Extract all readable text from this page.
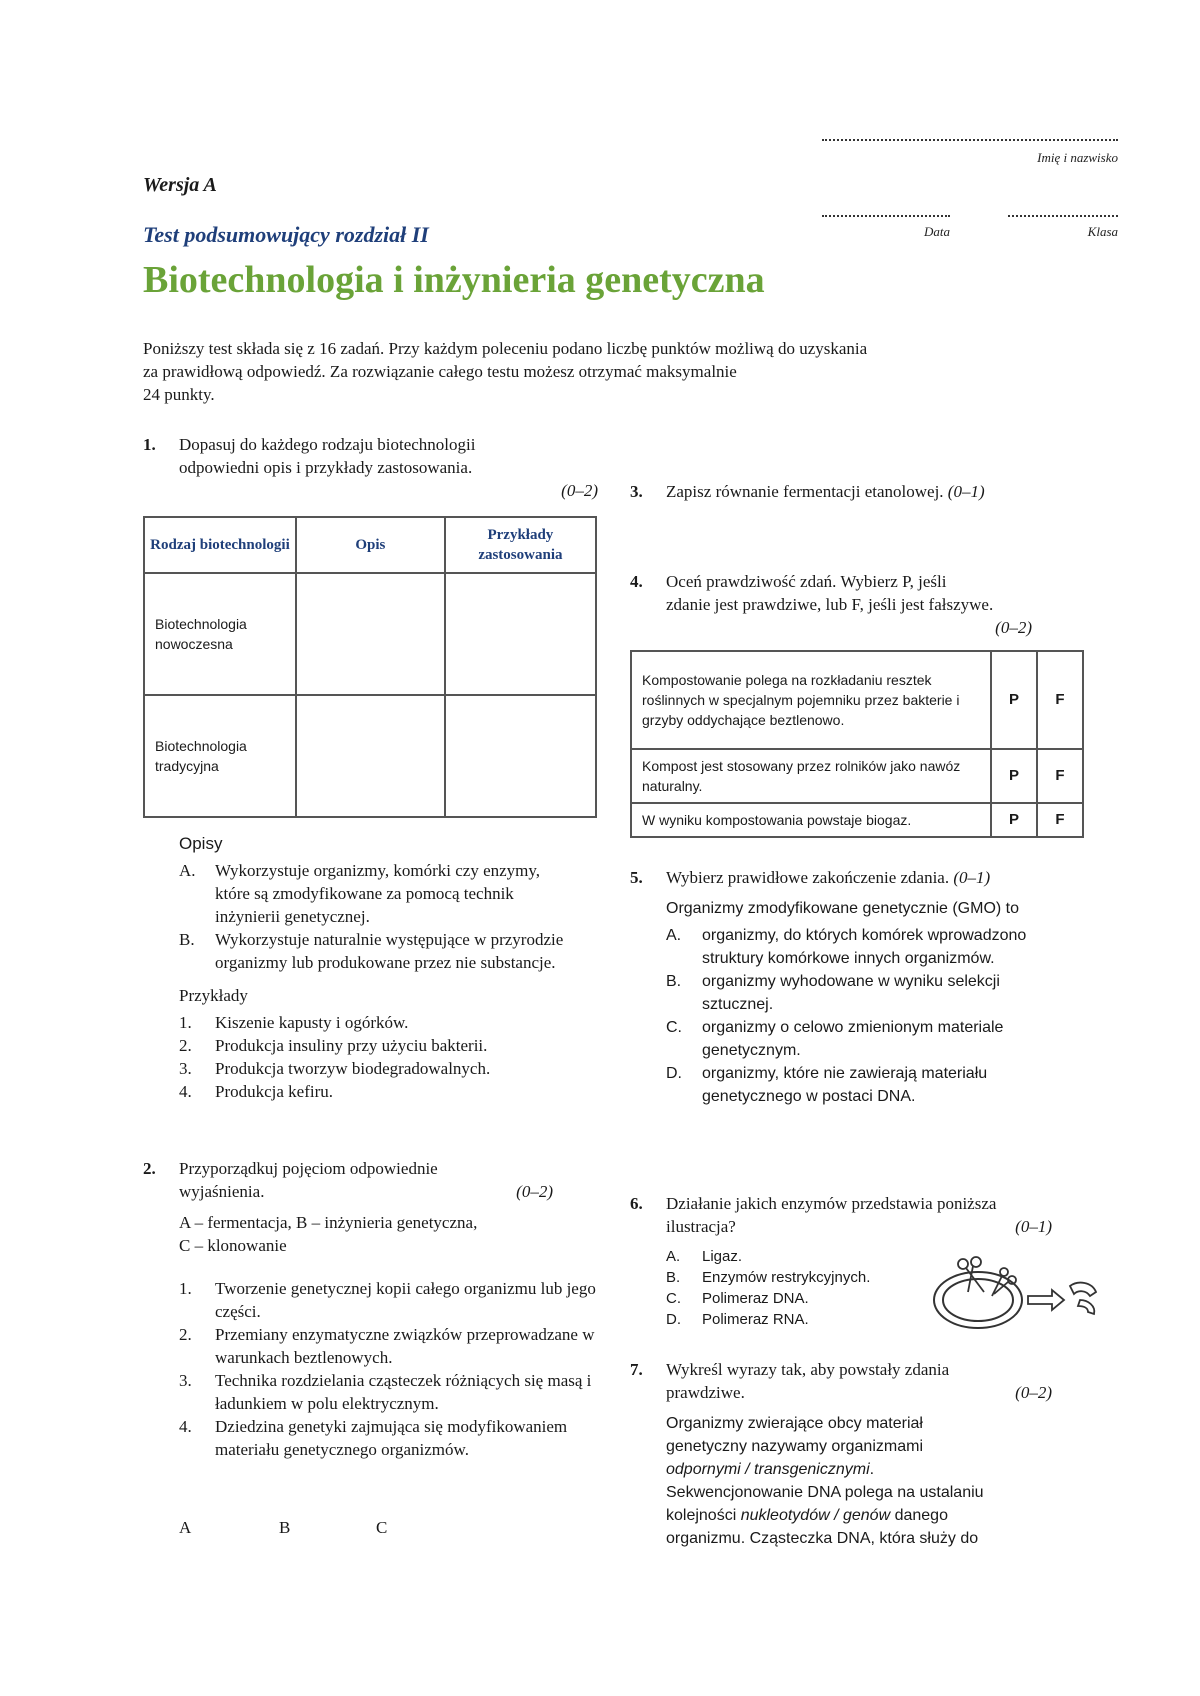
Imię i nazwisko
Data	Klasa
Wersja A
Test podsumowujący rozdział II
Biotechnologia i inżynieria genetyczna
Poniższy test składa się z 16 zadań. Przy każdym poleceniu podano liczbę punktów możliwą do uzyskania
za prawidłową odpowiedź. Za rozwiązanie całego testu możesz otrzymać maksymalnie
24 punkty.
1. Dopasuj do każdego rodzaju biotechnologii
odpowiedni opis i przykłady zastosowania.
(0–2)
Rodzaj biotechnologii	Opis	Przykłady zastosowania
Biotechnologia nowoczesna		
Biotechnologia tradycyjna		
Opisy
A. Wykorzystuje organizmy, komórki czy enzymy, które są zmodyfikowane za pomocą technik inżynierii genetycznej.
B. Wykorzystuje naturalnie występujące w przyrodzie organizmy lub produkowane przez nie substancje.
Przykłady
1. Kiszenie kapusty i ogórków.
2. Produkcja insuliny przy użyciu bakterii.
3. Produkcja tworzyw biodegradowalnych.
4. Produkcja kefiru.
2. Przyporządkuj pojęciom odpowiednie
wyjaśnienia.	(0–2)
A – fermentacja, B – inżynieria genetyczna,
C – klonowanie
1. Tworzenie genetycznej kopii całego organizmu lub jego części.
2. Przemiany enzymatyczne związków przeprowadzane w warunkach beztlenowych.
3. Technika rozdzielania cząsteczek różniących się masą i ładunkiem w polu elektrycznym.
4. Dziedzina genetyki zajmująca się modyfikowaniem materiału genetycznego organizmów.
A	B	C
3. Zapisz równanie fermentacji etanolowej. (0–1)
4. Oceń prawdziwość zdań. Wybierz P, jeśli
zdanie jest prawdziwe, lub F, jeśli jest fałszywe.
(0–2)
Kompostowanie polega na rozkładaniu resztek roślinnych w specjalnym pojemniku przez bakterie i grzyby oddychające beztlenowo.	P	F
Kompost jest stosowany przez rolników jako nawóz naturalny.	P	F
W wyniku kompostowania powstaje biogaz.	P	F
5. Wybierz prawidłowe zakończenie zdania. (0–1)
Organizmy zmodyfikowane genetycznie (GMO) to
A. organizmy, do których komórek wprowadzono struktury komórkowe innych organizmów.
B. organizmy wyhodowane w wyniku selekcji sztucznej.
C. organizmy o celowo zmienionym materiale genetycznym.
D. organizmy, które nie zawierają materiału genetycznego w postaci DNA.
6. Działanie jakich enzymów przedstawia poniższa
ilustracja?	(0–1)
A. Ligaz.
B. Enzymów restrykcyjnych.
C. Polimeraz DNA.
D. Polimeraz RNA.
7. Wykreśl wyrazy tak, aby powstały zdania
prawdziwe.	(0–2)
Organizmy zwierające obcy materiał
genetyczny nazywamy organizmami
odpornymi / transgenicznymi.
Sekwencjonowanie DNA polega na ustalaniu
kolejności nukleotydów / genów danego
organizmu. Cząsteczka DNA, która służy do
